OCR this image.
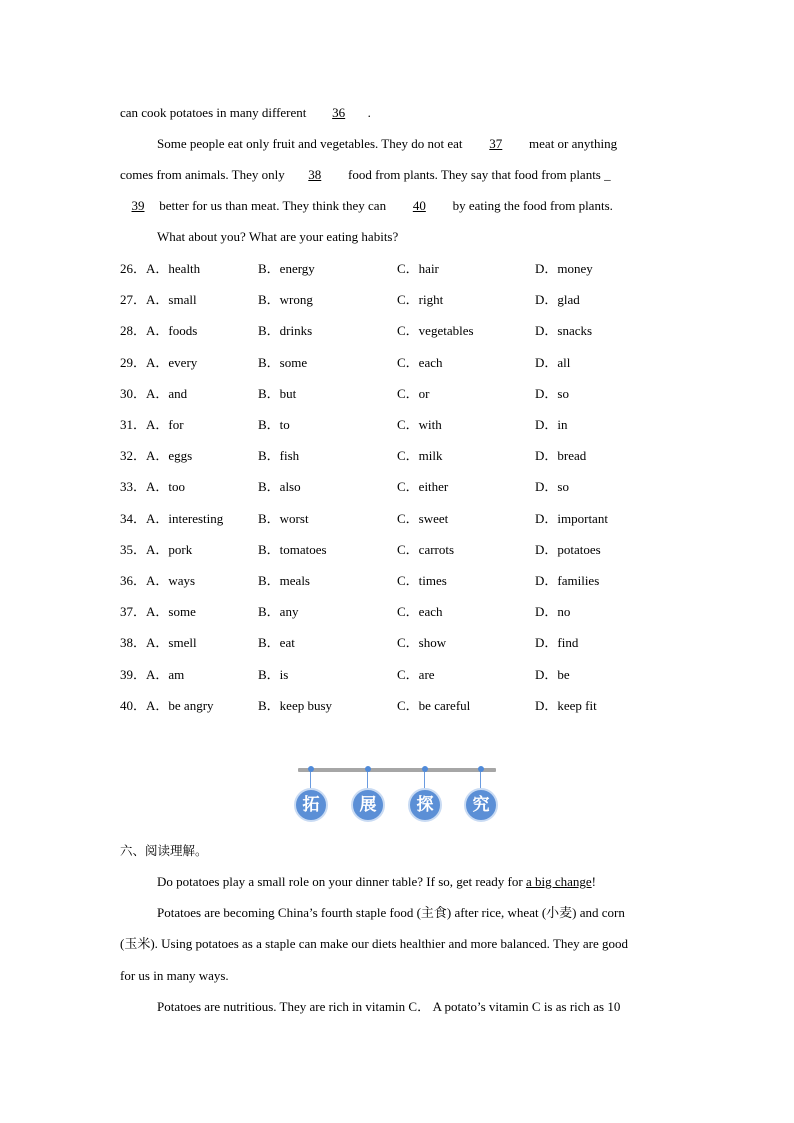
can cook potatoes in many different 36 .
Some people eat only fruit and vegetables. They do not eat 37 meat or anything
comes from animals. They only 38 food from plants. They say that food from plants _
39 better for us than meat. They think they can 40 by eating the food from plants.
What about you? What are your eating habits?
26．A．health	B．energy	C．hair	D．money
27．A．small	B．wrong	C．right	D．glad
28．A．foods	B．drinks	C．vegetables	D．snacks
29．A．every	B．some	C．each	D．all
30．A．and	B．but	C．or	D．so
31．A．for	B．to	C．with	D．in
32．A．eggs	B．fish	C．milk	D．bread
33．A．too	B．also	C．either	D．so
34．A．interesting	B．worst	C．sweet	D．important
35．A．pork	B．tomatoes	C．carrots	D．potatoes
36．A．ways	B．meals	C．times	D．families
37．A．some	B．any	C．each	D．no
38．A．smell	B．eat	C．show	D．find
39．A．am	B．is	C．are	D．be
40．A．be angry	B．keep busy	C．be careful	D．keep fit
拓	展	探	究
六、阅读理解。
Do potatoes play a small role on your dinner table? If so, get ready for a big change!
Potatoes are becoming China’s fourth staple food (主食) after rice, wheat (小麦) and corn
(玉米). Using potatoes as a staple can make our diets healthier and more balanced. They are good
for us in many ways.
Potatoes are nutritious. They are rich in vitamin C． A potato’s vitamin C is as rich as 10
